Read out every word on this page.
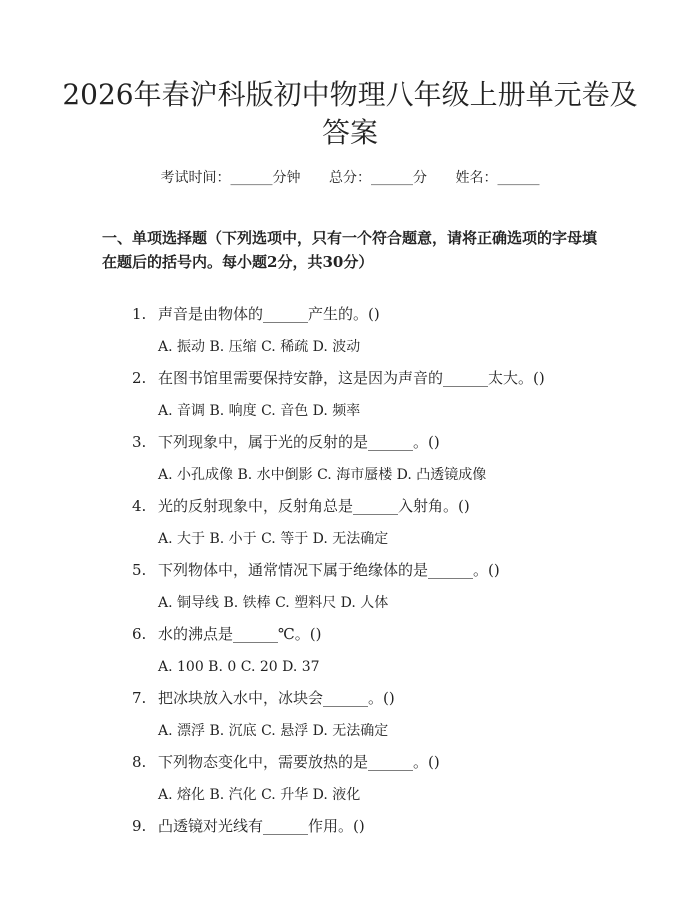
2026年春沪科版初中物理八年级上册单元卷及答案
考试时间：______分钟 总分：______分 姓名：______

一、单项选择题（下列选项中，只有一个符合题意，请将正确选项的字母填在题后的括号内。每小题2分，共30分）

1. 声音是由物体的______产生的。()
A. 振动 B. 压缩 C. 稀疏 D. 波动
2. 在图书馆里需要保持安静，这是因为声音的______太大。()
A. 音调 B. 响度 C. 音色 D. 频率
3. 下列现象中，属于光的反射的是______。()
A. 小孔成像 B. 水中倒影 C. 海市蜃楼 D. 凸透镜成像
4. 光的反射现象中，反射角总是______入射角。()
A. 大于 B. 小于 C. 等于 D. 无法确定
5. 下列物体中，通常情况下属于绝缘体的是______。()
A. 铜导线 B. 铁棒 C. 塑料尺 D. 人体
6. 水的沸点是______℃。()
A. 100 B. 0 C. 20 D. 37
7. 把冰块放入水中，冰块会______。()
A. 漂浮 B. 沉底 C. 悬浮 D. 无法确定
8. 下列物态变化中，需要放热的是______。()
A. 熔化 B. 汽化 C. 升华 D. 液化
9. 凸透镜对光线有______作用。()
